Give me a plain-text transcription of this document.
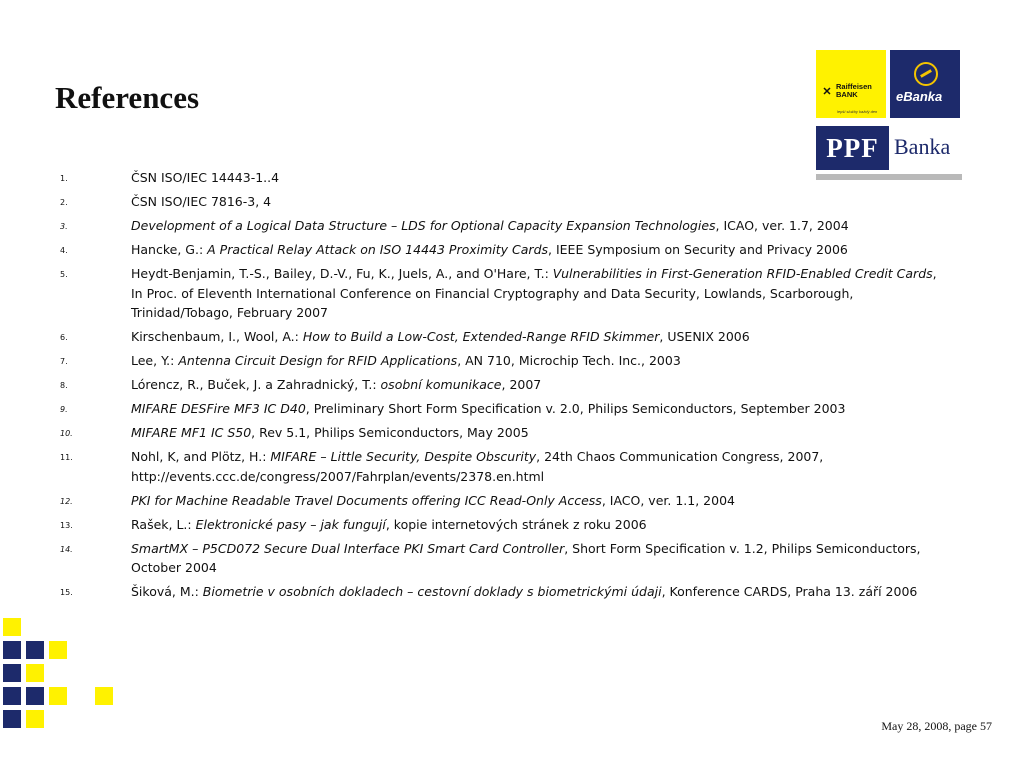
References	✕ Raiffeisen
BANK
lepší služby každý den
eBanka
PPF Banka
1.	ČSN ISO/IEC 14443-1..4
2.	ČSN ISO/IEC 7816-3, 4
3.	Development of a Logical Data Structure – LDS for Optional Capacity Expansion Technologies, ICAO, ver. 1.7, 2004
4.	Hancke, G.: A Practical Relay Attack on ISO 14443 Proximity Cards, IEEE Symposium on Security and Privacy 2006
5.	Heydt-Benjamin, T.-S., Bailey, D.-V., Fu, K., Juels, A., and O'Hare, T.: Vulnerabilities in First-Generation RFID-Enabled Credit Cards, In Proc. of Eleventh International Conference on Financial Cryptography and Data Security, Lowlands, Scarborough, Trinidad/Tobago, February 2007
6.	Kirschenbaum, I., Wool, A.: How to Build a Low-Cost, Extended-Range RFID Skimmer, USENIX 2006
7.	Lee, Y.: Antenna Circuit Design for RFID Applications, AN 710, Microchip Tech. Inc., 2003
8.	Lórencz, R., Buček, J. a Zahradnický, T.: osobní komunikace, 2007
9.	MIFARE DESFire MF3 IC D40, Preliminary Short Form Specification v. 2.0, Philips Semiconductors, September 2003
10.	MIFARE MF1 IC S50, Rev 5.1, Philips Semiconductors, May 2005
11.	Nohl, K, and Plötz, H.: MIFARE – Little Security, Despite Obscurity, 24th Chaos Communication Congress, 2007, http://events.ccc.de/congress/2007/Fahrplan/events/2378.en.html
12.	PKI for Machine Readable Travel Documents offering ICC Read-Only Access, IACO, ver. 1.1, 2004
13.	Rašek, L.: Elektronické pasy – jak fungují, kopie internetových stránek z roku 2006
14.	SmartMX – P5CD072 Secure Dual Interface PKI Smart Card Controller, Short Form Specification v. 1.2, Philips Semiconductors, October 2004
15.	Šiková, M.: Biometrie v osobních dokladech – cestovní doklady s biometrickými údaji, Konference CARDS, Praha 13. září 2006
May 28, 2008, page 57
